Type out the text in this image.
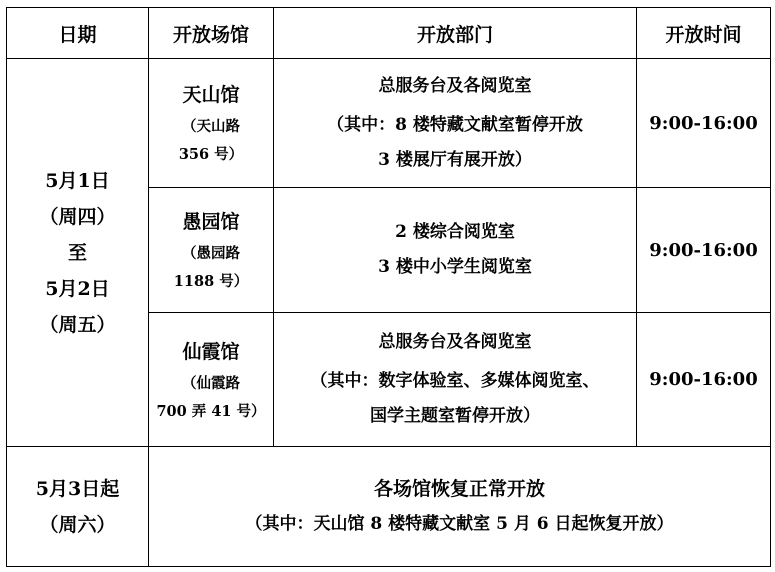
日期	开放场馆	开放部门	开放时间

5月1日
（周四）
至
5月2日
（周五）	天山馆
（天山路
356 号）	总服务台及各阅览室
（其中：8 楼特藏文献室暂停开放
3 楼展厅有展开放）	9:00-16:00

	愚园馆
（愚园路
1188 号）	2 楼综合阅览室
3 楼中小学生阅览室	9:00-16:00

	仙霞馆
（仙霞路
700 弄 41 号）	总服务台及各阅览室
（其中：数字体验室、多媒体阅览室、
国学主题室暂停开放）	9:00-16:00

5月3日起
（周六）	各场馆恢复正常开放
（其中：天山馆 8 楼特藏文献室 5 月 6 日起恢复开放）		
